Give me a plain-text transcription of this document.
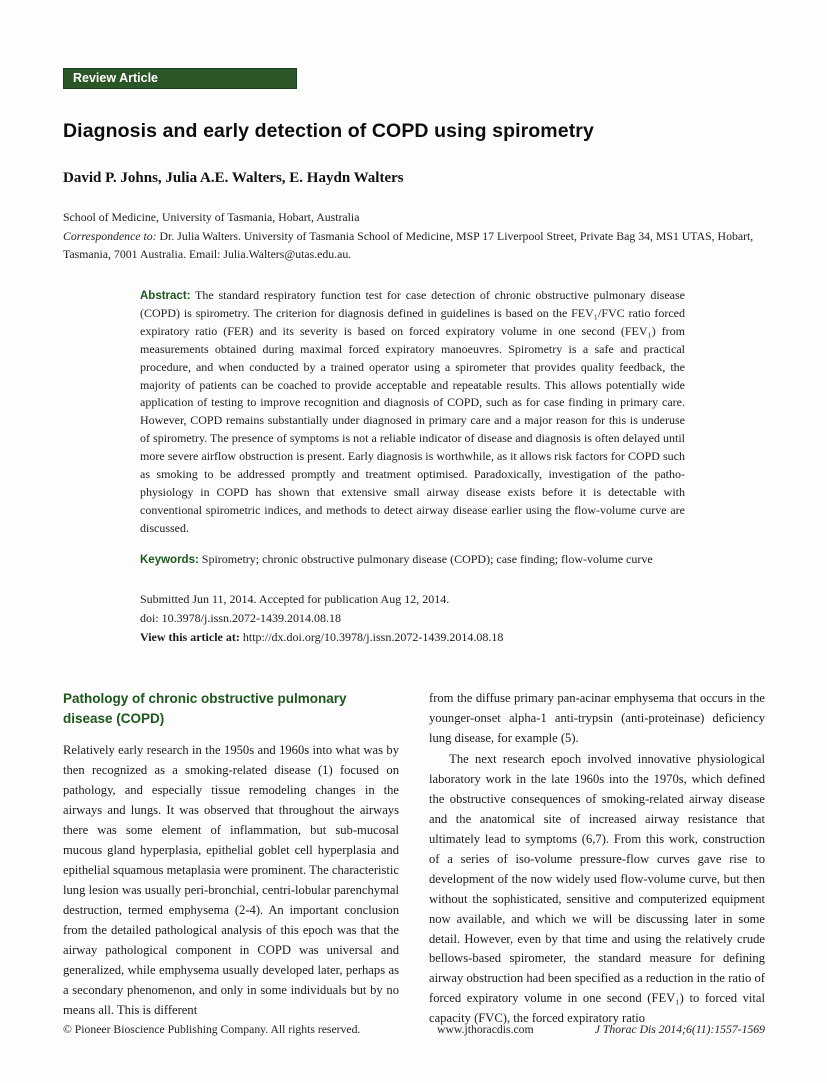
Review Article
Diagnosis and early detection of COPD using spirometry
David P. Johns, Julia A.E. Walters, E. Haydn Walters
School of Medicine, University of Tasmania, Hobart, Australia
Correspondence to: Dr. Julia Walters. University of Tasmania School of Medicine, MSP 17 Liverpool Street, Private Bag 34, MS1 UTAS, Hobart, Tasmania, 7001 Australia. Email: Julia.Walters@utas.edu.au.

Abstract: The standard respiratory function test for case detection of chronic obstructive pulmonary disease (COPD) is spirometry. The criterion for diagnosis defined in guidelines is based on the FEV₁/FVC ratio forced expiratory ratio (FER) and its severity is based on forced expiratory volume in one second (FEV₁) from measurements obtained during maximal forced expiratory manoeuvres. Spirometry is a safe and practical procedure, and when conducted by a trained operator using a spirometer that provides quality feedback, the majority of patients can be coached to provide acceptable and repeatable results. This allows potentially wide application of testing to improve recognition and diagnosis of COPD, such as for case finding in primary care. However, COPD remains substantially under diagnosed in primary care and a major reason for this is underuse of spirometry. The presence of symptoms is not a reliable indicator of disease and diagnosis is often delayed until more severe airflow obstruction is present. Early diagnosis is worthwhile, as it allows risk factors for COPD such as smoking to be addressed promptly and treatment optimised. Paradoxically, investigation of the patho-physiology in COPD has shown that extensive small airway disease exists before it is detectable with conventional spirometric indices, and methods to detect airway disease earlier using the flow-volume curve are discussed.

Keywords: Spirometry; chronic obstructive pulmonary disease (COPD); case finding; flow-volume curve

Submitted Jun 11, 2014. Accepted for publication Aug 12, 2014.
doi: 10.3978/j.issn.2072-1439.2014.08.18
View this article at: http://dx.doi.org/10.3978/j.issn.2072-1439.2014.08.18
Pathology of chronic obstructive pulmonary disease (COPD)

Relatively early research in the 1950s and 1960s into what was by then recognized as a smoking-related disease (1) focused on pathology, and especially tissue remodeling changes in the airways and lungs. It was observed that throughout the airways there was some element of inflammation, but sub-mucosal mucous gland hyperplasia, epithelial goblet cell hyperplasia and epithelial squamous metaplasia were prominent. The characteristic lung lesion was usually peri-bronchial, centri-lobular parenchymal destruction, termed emphysema (2-4). An important conclusion from the detailed pathological analysis of this epoch was that the airway pathological component in COPD was universal and generalized, while emphysema usually developed later, perhaps as a secondary phenomenon, and only in some individuals but by no means all. This is different

from the diffuse primary pan-acinar emphysema that occurs in the younger-onset alpha-1 anti-trypsin (anti-proteinase) deficiency lung disease, for example (5).

The next research epoch involved innovative physiological laboratory work in the late 1960s into the 1970s, which defined the obstructive consequences of smoking-related airway disease and the anatomical site of increased airway resistance that ultimately lead to symptoms (6,7). From this work, construction of a series of iso-volume pressure-flow curves gave rise to development of the now widely used flow-volume curve, but then without the sophisticated, sensitive and computerized equipment now available, and which we will be discussing later in some detail. However, even by that time and using the relatively crude bellows-based spirometer, the standard measure for defining airway obstruction had been specified as a reduction in the ratio of forced expiratory volume in one second (FEV₁) to forced vital capacity (FVC), the forced expiratory ratio

© Pioneer Bioscience Publishing Company. All rights reserved.	www.jthoracdis.com	J Thorac Dis 2014;6(11):1557-1569
